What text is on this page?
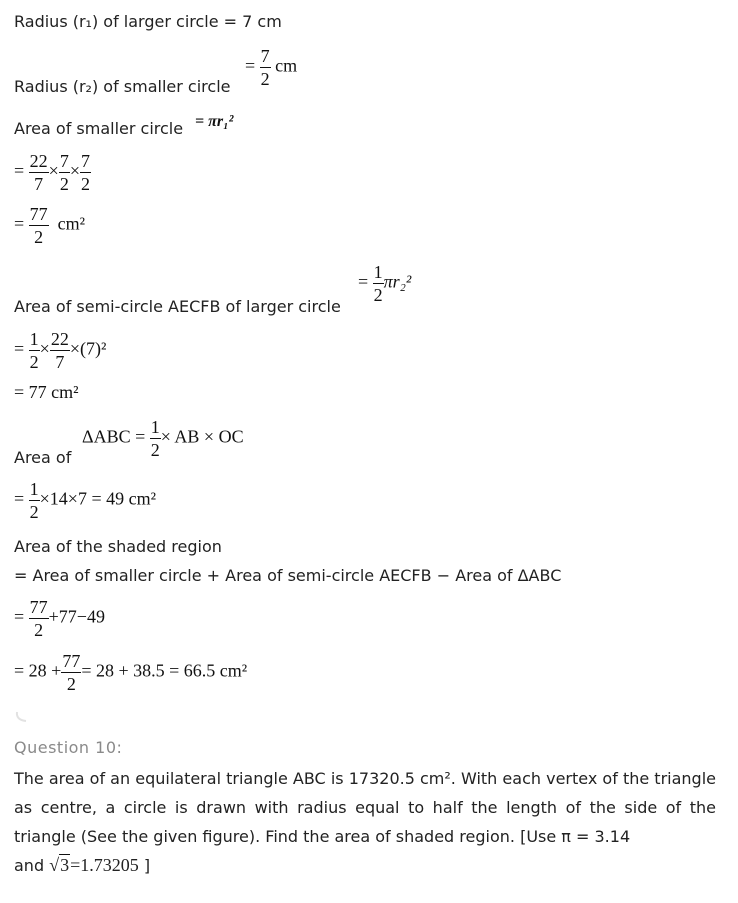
Radius (r₁) of larger circle = 7 cm
Radius (r₂) of smaller circle
= $\frac{7}{2}$ cm
Area of smaller circle = πr₁²
= $\frac{22}{7} \times \frac{7}{2} \times \frac{7}{2}$
= $\frac{77}{2} cm^2$
Area of semi-circle AECFB of larger circle
= $\frac{1}{2} \pi r_2^2$
= $\frac{1}{2} \times \frac{22}{7} \times(7)^2$
= 77 cm²
Area of
$\Delta ABC = \frac{1}{2}$ × AB × OC
= $\frac{1}{2} \times 14\times 7 = 49$ cm²
Area of the shaded region
= Area of smaller circle + Area of semi-circle AECFB − Area of ΔABC
= $\frac{77}{2} +77-49$
= $28 + \frac{77}{2} = 28 + 38.5 = 66.5$ cm²
Question 10:
The area of an equilateral triangle ABC is 17320.5 cm². With each vertex of the triangle as centre, a circle is drawn with radius equal to half the length of the side of the triangle (See the given figure). Find the area of shaded region. [Use π = 3.14
and √3=1.73205 ]
